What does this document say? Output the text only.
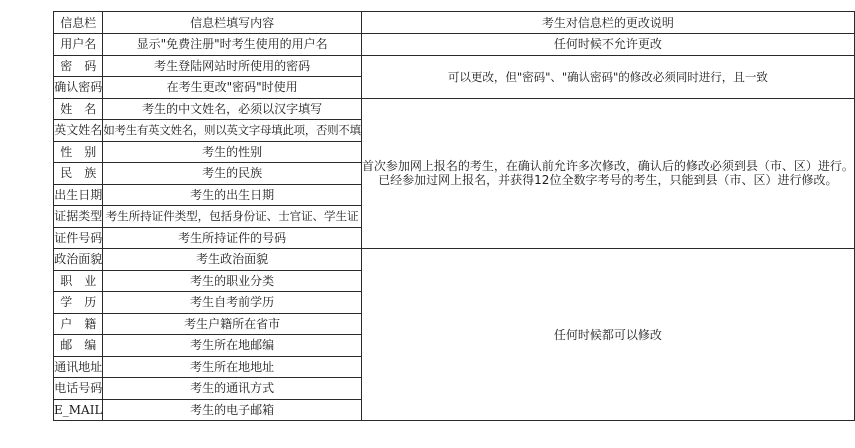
信息栏	信息栏填写内容	考生对信息栏的更改说明
用户名	显示"免费注册"时考生使用的用户名	任何时候不允许更改
密　码	考生登陆网站时所使用的密码	可以更改，但"密码"、"确认密码"的修改必须同时进行，且一致
确认密码	在考生更改"密码"时使用	
姓　名	考生的中文姓名，必须以汉字填写	首次参加网上报名的考生，在确认前允许多次修改，确认后的修改必须到县（市、区）进行。

已经参加过网上报名，并获得12位全数字考号的考生，只能到县（市、区）进行修改。

英文姓名	如考生有英文姓名，则以英文字母填此项，否则不填	
性　别	考生的性别	
民　族	考生的民族	
出生日期	考生的出生日期	
证据类型	考生所持证件类型，包括身份证、士官证、学生证	
证件号码	考生所持证件的号码	
政治面貌	考生政治面貌	任何时候都可以修改
职　业	考生的职业分类	
学　历	考生自考前学历	
户　籍	考生户籍所在省市	
邮　编	考生所在地邮编	
通讯地址	考生所在地地址	
电话号码	考生的通讯方式	
E_MAIL	考生的电子邮箱	
